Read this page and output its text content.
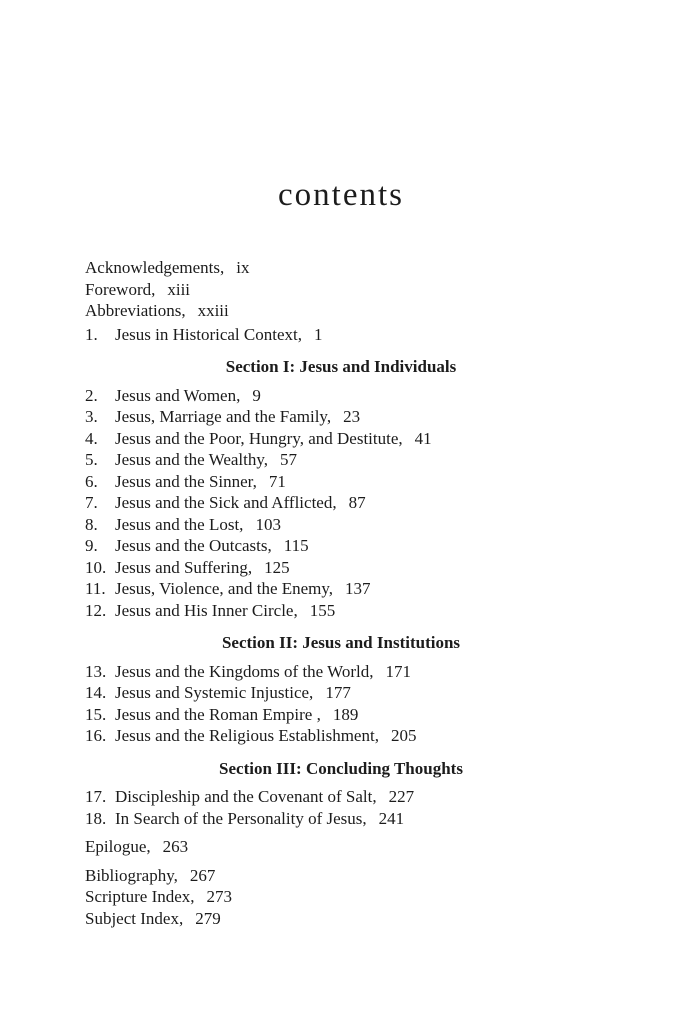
contents
Acknowledgements, ix
Foreword, xiii
Abbreviations, xxiii
1.	Jesus in Historical Context, 1
Section I: Jesus and Individuals
2.	Jesus and Women, 9
3.	Jesus, Marriage and the Family, 23
4.	Jesus and the Poor, Hungry, and Destitute, 41
5.	Jesus and the Wealthy, 57
6.	Jesus and the Sinner, 71
7.	Jesus and the Sick and Afflicted, 87
8.	Jesus and the Lost, 103
9.	Jesus and the Outcasts, 115
10. Jesus and Suffering, 125
11. Jesus, Violence, and the Enemy, 137
12. Jesus and His Inner Circle, 155
Section II: Jesus and Institutions
13. Jesus and the Kingdoms of the World, 171
14. Jesus and Systemic Injustice, 177
15. Jesus and the Roman Empire , 189
16. Jesus and the Religious Establishment, 205
Section III: Concluding Thoughts
17. Discipleship and the Covenant of Salt, 227
18. In Search of the Personality of Jesus, 241
Epilogue, 263
Bibliography, 267
Scripture Index, 273
Subject Index, 279
